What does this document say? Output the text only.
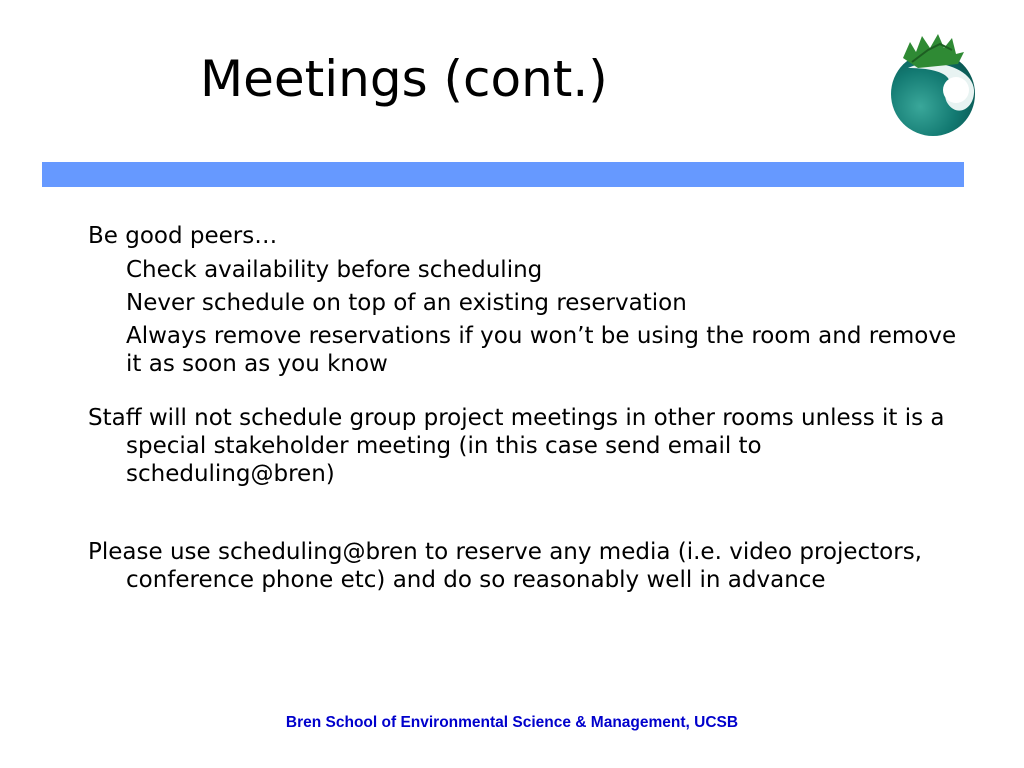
Meetings (cont.)
Be good peers…
Check availability before scheduling
Never schedule on top of an existing reservation
Always remove reservations if you won’t be using the room and remove it as soon as you know
Staff will not schedule group project meetings in other rooms unless it is a special stakeholder meeting (in this case send email to scheduling@bren)
Please use scheduling@bren to reserve any media (i.e. video projectors, conference phone etc) and do so reasonably well in advance
Bren School of Environmental Science & Management, UCSB
